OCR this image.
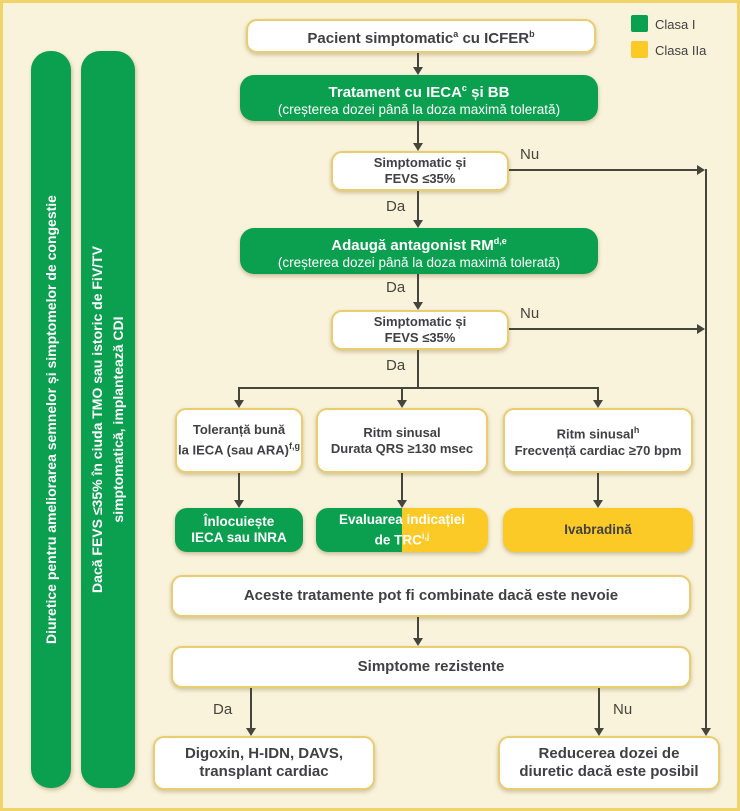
Clasa I
Clasa IIa
Diuretice pentru ameliorarea semnelor și simptomelor de congestie Dacă FEVS ≤35% în ciuda TMO sau istoric de FiV/TV simptomatică, implantează CDI
Pacient simptomatic$^a$ cu ICFER$^b$
Tratament cu IECA$^c$ și BB
(creșterea dozei până la doza maximă tolerată)
Simptomatic și
FEVS ≤35%
Adaugă antagonist RM$^{d,e}$
(creșterea dozei până la doza maximă tolerată)
Simptomatic și
FEVS ≤35%
Toleranță bună
la IECA (sau ARA)$^{f,g}$
Ritm sinusal
Durata QRS ≥130 msec
Ritm sinusal$^h$
Frecvență cardiac ≥70 bpm
Înlocuiește
IECA sau INRA
Evaluarea indicației
de TRC$^{i,j}$	Ivabradină
Aceste tratamente pot fi combinate dacă este nevoie
Simptome rezistente
Digoxin, H-IDN, DAVS,
transplant cardiac
Reducerea dozei de
diuretic dacă este posibil
Da
Nu
Da
Nu
Da
Da	Nu
